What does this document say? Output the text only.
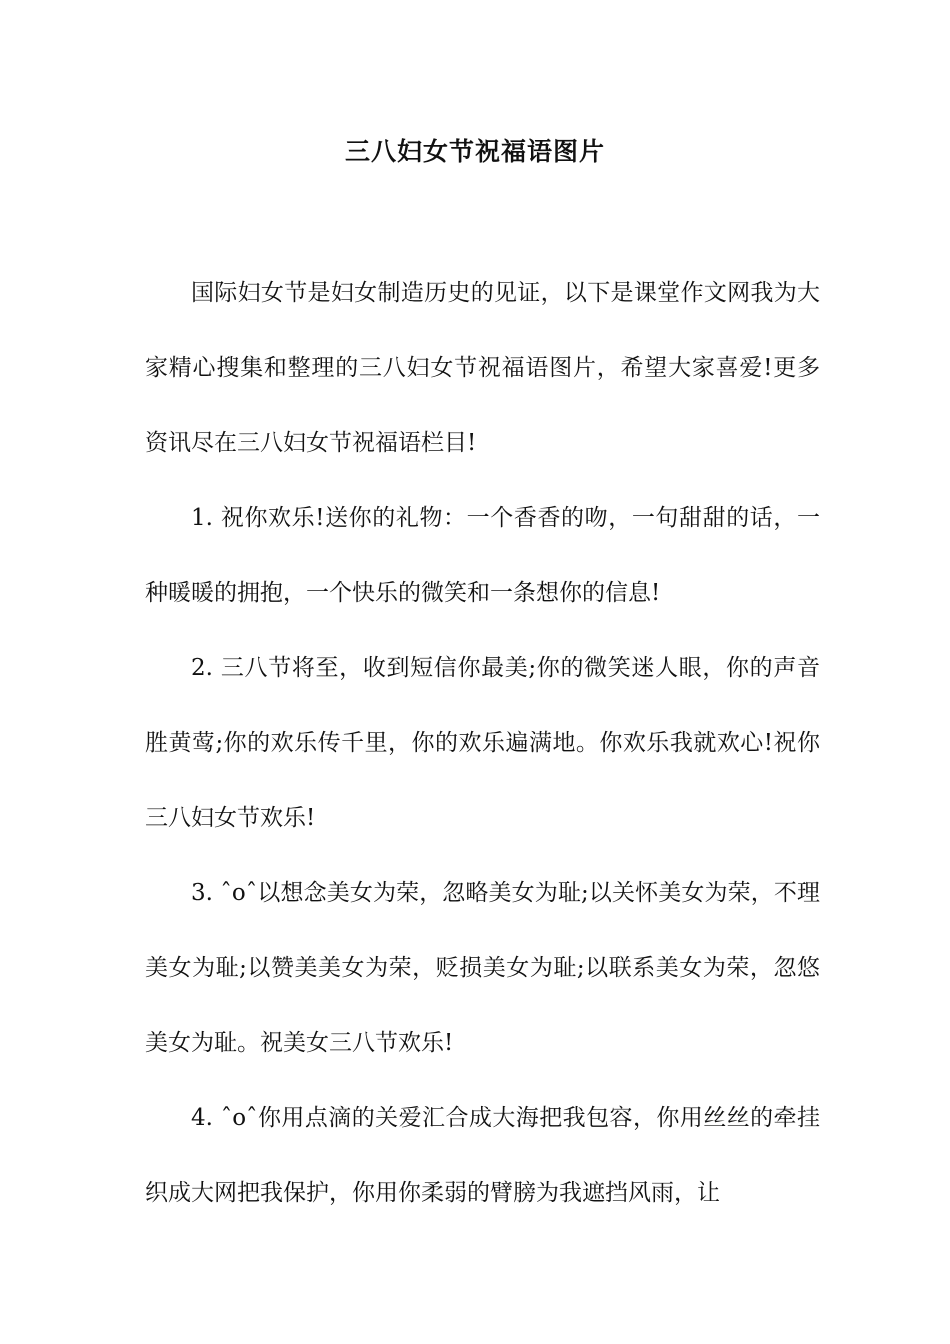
三八妇女节祝福语图片

国际妇女节是妇女制造历史的见证，以下是课堂作文网我为大家精心搜集和整理的三八妇女节祝福语图片，希望大家喜爱!更多资讯尽在三八妇女节祝福语栏目!

1. 祝你欢乐!送你的礼物：一个香香的吻，一句甜甜的话，一种暖暖的拥抱，一个快乐的微笑和一条想你的信息!

2. 三八节将至，收到短信你最美;你的微笑迷人眼，你的声音胜黄莺;你的欢乐传千里，你的欢乐遍满地。你欢乐我就欢心!祝你三八妇女节欢乐!

3. ˆoˆ以想念美女为荣，忽略美女为耻;以关怀美女为荣，不理美女为耻;以赞美美女为荣，贬损美女为耻;以联系美女为荣，忽悠美女为耻。祝美女三八节欢乐!

4. ˆoˆ你用点滴的关爱汇合成大海把我包容，你用丝丝的牵挂织成大网把我保护，你用你柔弱的臂膀为我遮挡风雨，让
